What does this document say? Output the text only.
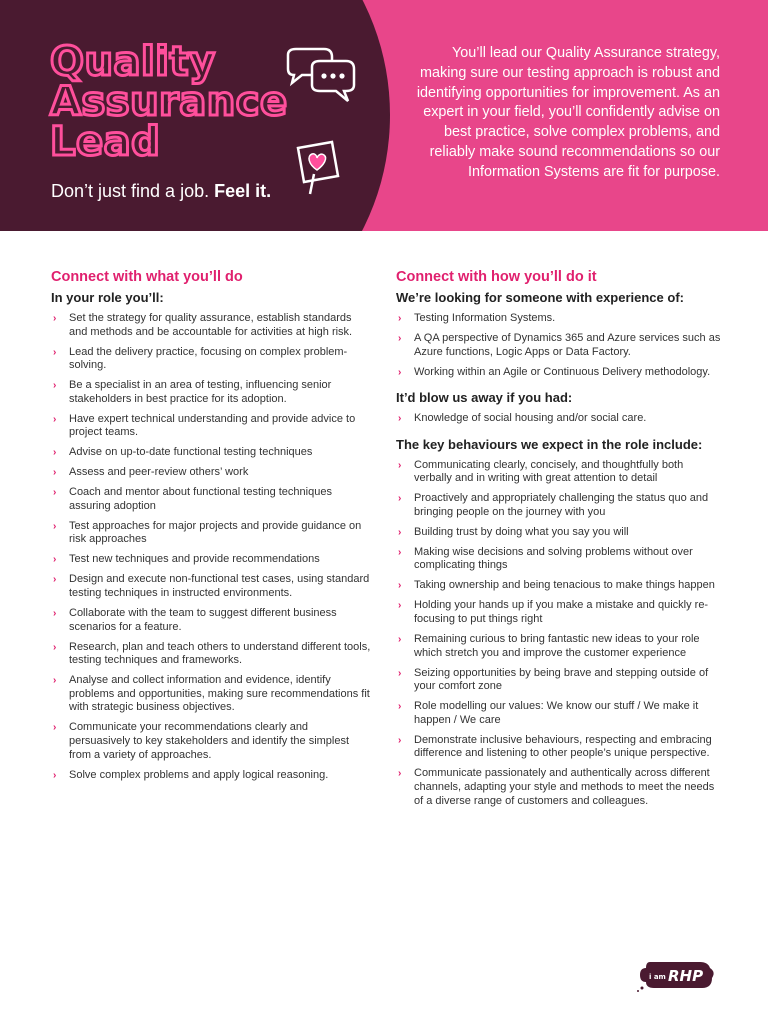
Quality
Assurance
Lead
Don’t just find a job. Feel it.

You’ll lead our Quality Assurance strategy, making sure our testing approach is robust and identifying opportunities for improvement. As an expert in your field, you’ll confidently advise on best practice, solve complex problems, and reliably make sound recommendations so our Information Systems are fit for purpose.

Connect with what you’ll do
In your role you’ll:
› Set the strategy for quality assurance, establish standards and methods and be accountable for activities at high risk.
› Lead the delivery practice, focusing on complex problem-solving.
› Be a specialist in an area of testing, influencing senior stakeholders in best practice for its adoption.
› Have expert technical understanding and provide advice to project teams.
› Advise on up-to-date functional testing techniques
› Assess and peer-review others’ work
› Coach and mentor about functional testing techniques assuring adoption
› Test approaches for major projects and provide guidance on risk approaches
› Test new techniques and provide recommendations
› Design and execute non-functional test cases, using standard testing techniques in instructed environments.
› Collaborate with the team to suggest different business scenarios for a feature.
› Research, plan and teach others to understand different tools, testing techniques and frameworks.
› Analyse and collect information and evidence, identify problems and opportunities, making sure recommendations fit with strategic business objectives.
› Communicate your recommendations clearly and persuasively to key stakeholders and identify the simplest from a variety of approaches.
› Solve complex problems and apply logical reasoning.
Connect with how you’ll do it
We’re looking for someone with experience of:
› Testing Information Systems.
› A QA perspective of Dynamics 365 and Azure services such as Azure functions, Logic Apps or Data Factory.
› Working within an Agile or Continuous Delivery methodology.
It’d blow us away if you had:
› Knowledge of social housing and/or social care.
The key behaviours we expect in the role include:
› Communicating clearly, concisely, and thoughtfully both verbally and in writing with great attention to detail
› Proactively and appropriately challenging the status quo and bringing people on the journey with you
› Building trust by doing what you say you will
› Making wise decisions and solving problems without over complicating things
› Taking ownership and being tenacious to make things happen
› Holding your hands up if you make a mistake and quickly re-focusing to put things right
› Remaining curious to bring fantastic new ideas to your role which stretch you and improve the customer experience
› Seizing opportunities by being brave and stepping outside of your comfort zone
› Role modelling our values: We know our stuff / We make it happen / We care
› Demonstrate inclusive behaviours, respecting and embracing difference and listening to other people’s unique perspective.
› Communicate passionately and authentically across different channels, adapting your style and methods to meet the needs of a diverse range of customers and colleagues.
i am RHP
